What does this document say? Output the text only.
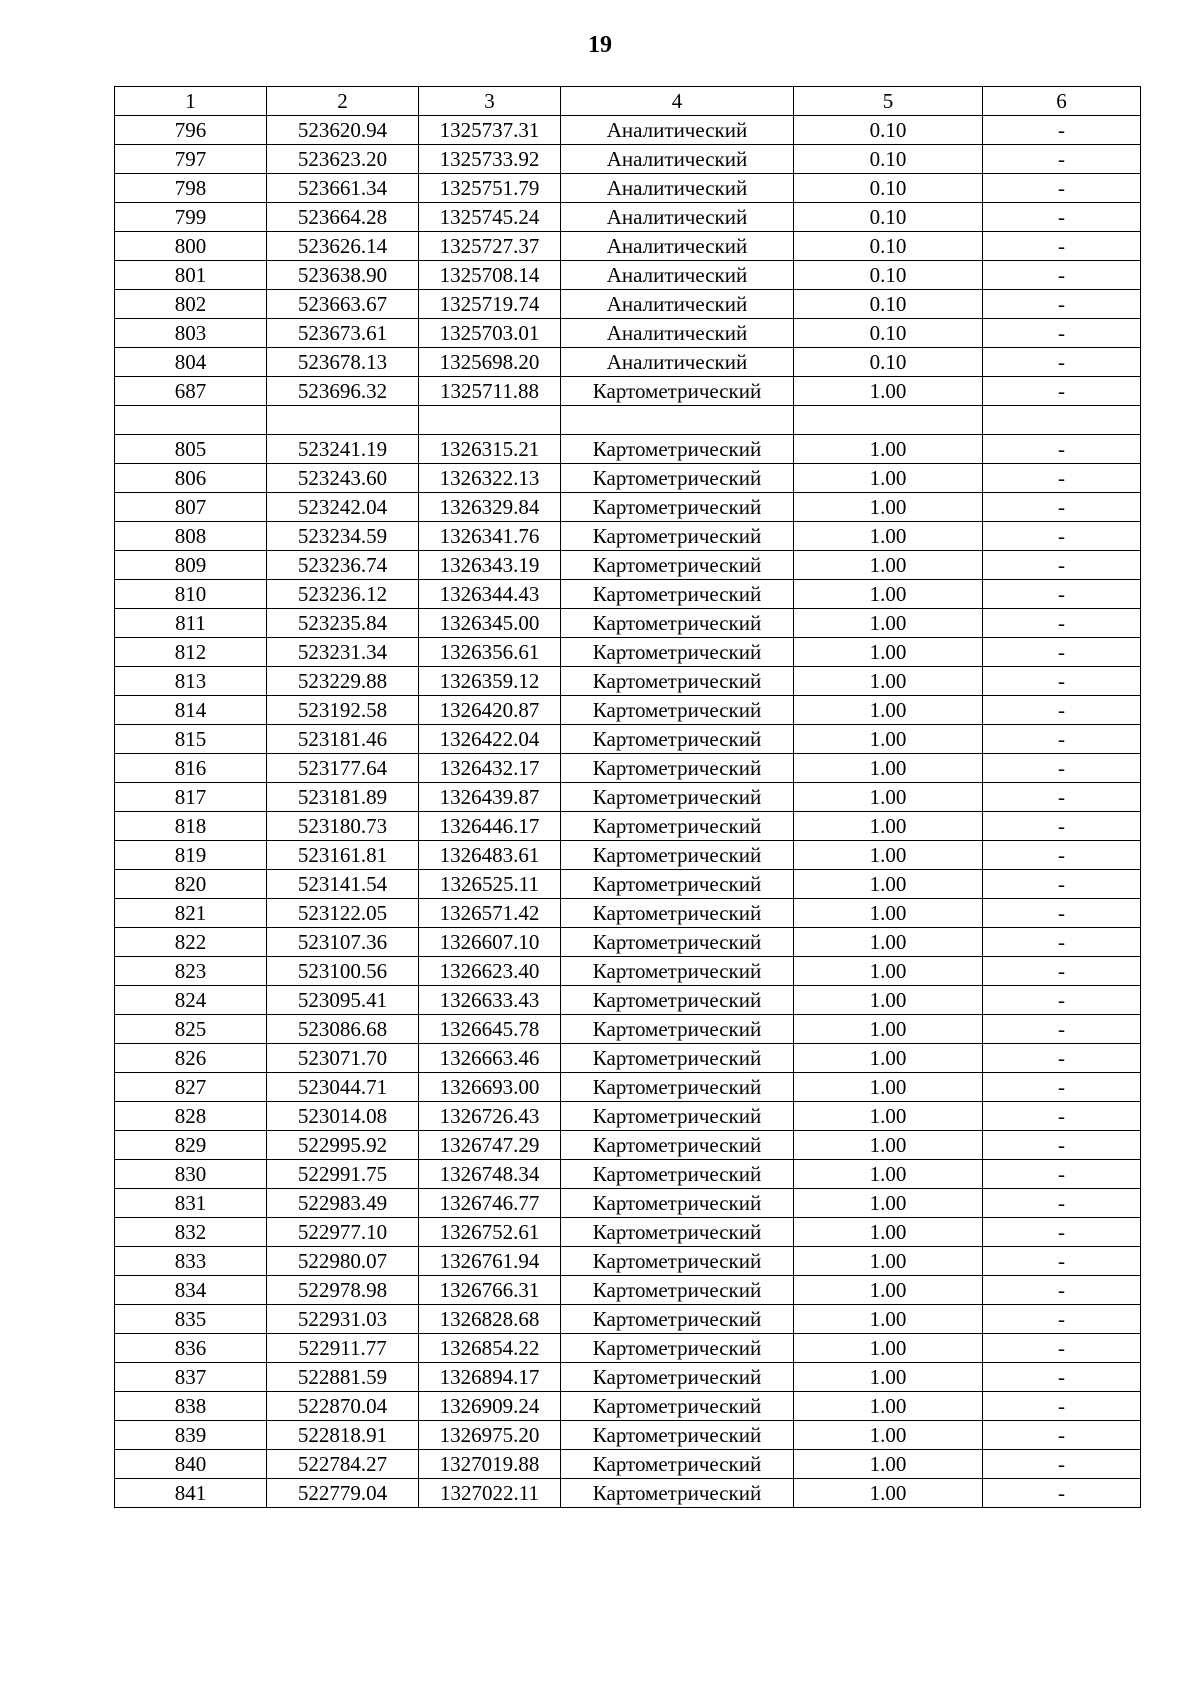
19
1	2	3	4	5	6
796	523620.94	1325737.31	Аналитический	0.10	-
797	523623.20	1325733.92	Аналитический	0.10	-
798	523661.34	1325751.79	Аналитический	0.10	-
799	523664.28	1325745.24	Аналитический	0.10	-
800	523626.14	1325727.37	Аналитический	0.10	-
801	523638.90	1325708.14	Аналитический	0.10	-
802	523663.67	1325719.74	Аналитический	0.10	-
803	523673.61	1325703.01	Аналитический	0.10	-
804	523678.13	1325698.20	Аналитический	0.10	-
687	523696.32	1325711.88	Картометрический	1.00	-

805	523241.19	1326315.21	Картометрический	1.00	-
806	523243.60	1326322.13	Картометрический	1.00	-
807	523242.04	1326329.84	Картометрический	1.00	-
808	523234.59	1326341.76	Картометрический	1.00	-
809	523236.74	1326343.19	Картометрический	1.00	-
810	523236.12	1326344.43	Картометрический	1.00	-
811	523235.84	1326345.00	Картометрический	1.00	-
812	523231.34	1326356.61	Картометрический	1.00	-
813	523229.88	1326359.12	Картометрический	1.00	-
814	523192.58	1326420.87	Картометрический	1.00	-
815	523181.46	1326422.04	Картометрический	1.00	-
816	523177.64	1326432.17	Картометрический	1.00	-
817	523181.89	1326439.87	Картометрический	1.00	-
818	523180.73	1326446.17	Картометрический	1.00	-
819	523161.81	1326483.61	Картометрический	1.00	-
820	523141.54	1326525.11	Картометрический	1.00	-
821	523122.05	1326571.42	Картометрический	1.00	-
822	523107.36	1326607.10	Картометрический	1.00	-
823	523100.56	1326623.40	Картометрический	1.00	-
824	523095.41	1326633.43	Картометрический	1.00	-
825	523086.68	1326645.78	Картометрический	1.00	-
826	523071.70	1326663.46	Картометрический	1.00	-
827	523044.71	1326693.00	Картометрический	1.00	-
828	523014.08	1326726.43	Картометрический	1.00	-
829	522995.92	1326747.29	Картометрический	1.00	-
830	522991.75	1326748.34	Картометрический	1.00	-
831	522983.49	1326746.77	Картометрический	1.00	-
832	522977.10	1326752.61	Картометрический	1.00	-
833	522980.07	1326761.94	Картометрический	1.00	-
834	522978.98	1326766.31	Картометрический	1.00	-
835	522931.03	1326828.68	Картометрический	1.00	-
836	522911.77	1326854.22	Картометрический	1.00	-
837	522881.59	1326894.17	Картометрический	1.00	-
838	522870.04	1326909.24	Картометрический	1.00	-
839	522818.91	1326975.20	Картометрический	1.00	-
840	522784.27	1327019.88	Картометрический	1.00	-
841	522779.04	1327022.11	Картометрический	1.00	-
